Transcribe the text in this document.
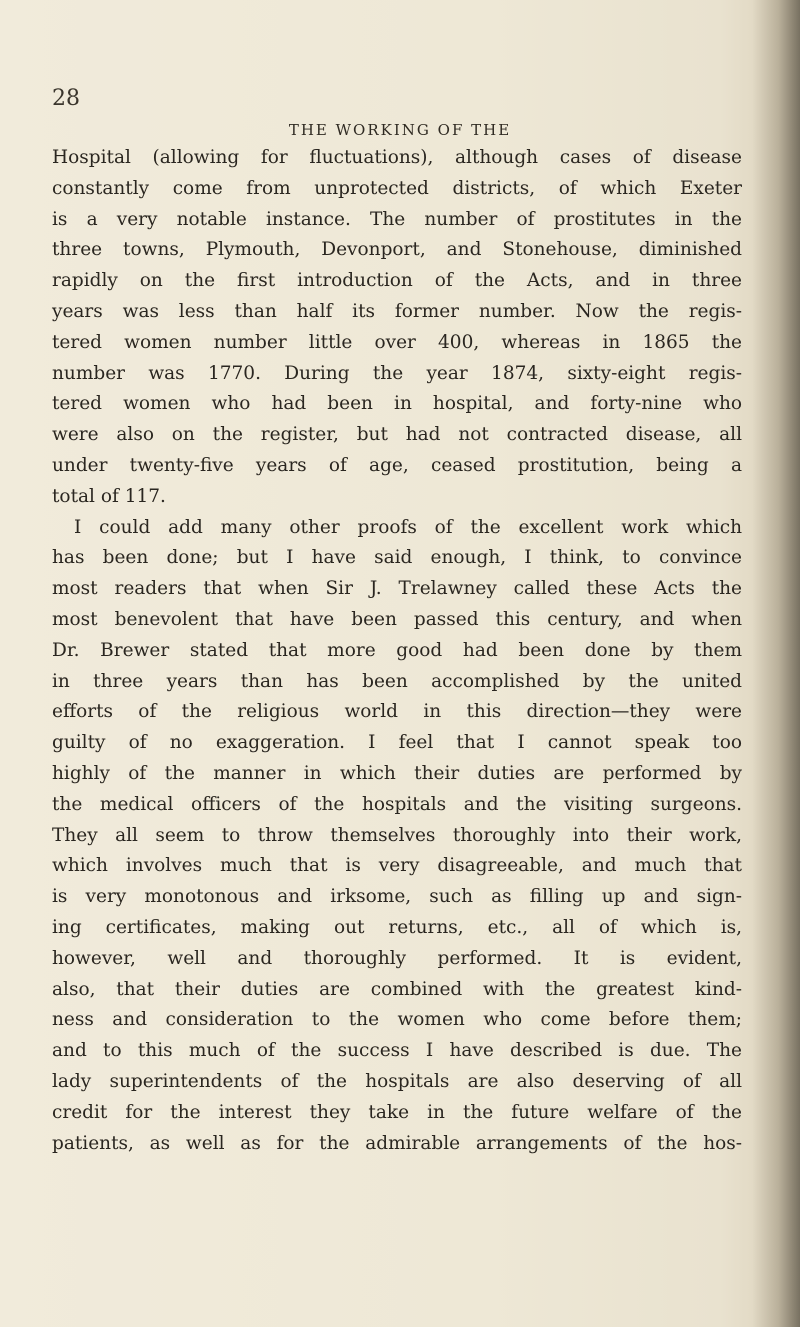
28
THE WORKING OF THE
Hospital (allowing for fluctuations), although cases of disease
constantly come from unprotected districts, of which Exeter
is a very notable instance. The number of prostitutes in the
three towns, Plymouth, Devonport, and Stonehouse, diminished
rapidly on the first introduction of the Acts, and in three
years was less than half its former number. Now the regis-
tered women number little over 400, whereas in 1865 the
number was 1770. During the year 1874, sixty-eight regis-
tered women who had been in hospital, and forty-nine who
were also on the register, but had not contracted disease, all
under twenty-five years of age, ceased prostitution, being a
total of 117.
I could add many other proofs of the excellent work which
has been done; but I have said enough, I think, to convince
most readers that when Sir J. Trelawney called these Acts the
most benevolent that have been passed this century, and when
Dr. Brewer stated that more good had been done by them
in three years than has been accomplished by the united
efforts of the religious world in this direction—they were
guilty of no exaggeration. I feel that I cannot speak too
highly of the manner in which their duties are performed by
the medical officers of the hospitals and the visiting surgeons.
They all seem to throw themselves thoroughly into their work,
which involves much that is very disagreeable, and much that
is very monotonous and irksome, such as filling up and sign-
ing certificates, making out returns, etc., all of which is,
however, well and thoroughly performed. It is evident,
also, that their duties are combined with the greatest kind-
ness and consideration to the women who come before them;
and to this much of the success I have described is due. The
lady superintendents of the hospitals are also deserving of all
credit for the interest they take in the future welfare of the
patients, as well as for the admirable arrangements of the hos-
